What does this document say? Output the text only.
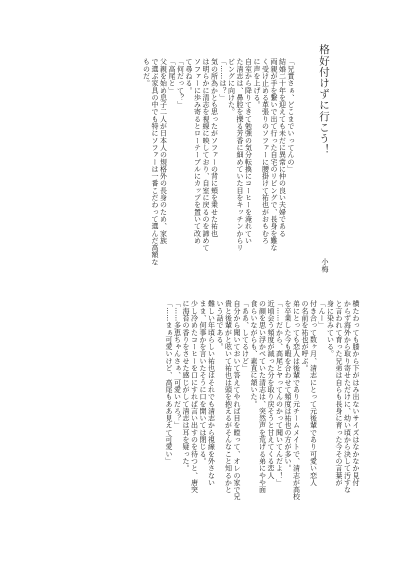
格好付けずに行こう！
小梅
「兄貴さぁ、どこまでいってんの」
結婚二十年を迎えても未だに異常に仲の良い夫婦である
両親が手を繋いで出て行った自宅のリビングで、長身を難な
く受け止める革張りのソファーに腰掛けて祐也がおもむろ
に声を上げる。
自室から降りてきて勉強の気分転換にコーヒーを淹れてい
た清志は、鼻腔を擽る芳香に細めていた目をキッチンからリ
ビングに向けた。
「……は？」
気の所為かとも思ったがソファーの背に頬を乗せた祐也
は明らかに清志を視線に映しており、自室に戻るのを諦めて
ソファーに歩み寄るとローテーブルにカップを置いて改め
て尋ねる。
「何だって？」
「高尾と」
父親を始め息子二人が日本人の規格外の長身のため、家族
で選ぶ家具の中でも特にソファーは一番こだわって選んだ高額な
ものだ。
横たわっても膝から下がはみ出ないサイズはなかなか見付
からず海外から取り寄せただけに、幼い頃から決して汚すな
と言われて育った兄弟は自らも長身に育った今その言葉が
身に染みている。
「んー」
付き合って数ヶ月、清志にとって元後輩であり可愛い恋人
の名前を祐也が呼ぶ。
弟にとっても恋人は後輩であり元チームメイトで、清志が高校
を卒業した今も暇を合わせて頻度は祐也の方が多い。
「……だから、高尾とヤってんのかって聞いてんだよ！」
近頃会う頻度が減った分を取り戻そうと甘えてくる恋人
の顔を思い浮かべていた清志は、突然声を荒げる弟にやや面
食らいながらも、素直に頷いた。
「ああ、してるけど」
自分から聞いておいて答えてやれば目を瞠って、オレの家で兄
貴と後輩がと呟いて祐也は頭を抱えるがそんなこと知るかと
いう話である。
難しい年頃らしい祐也はそれでも清志から視線を外さない
まま、何事かを言いたそうに口を開いては閉じる。
少し冷めたコーヒーを口にすれば言い出すのを待つと、唐突
に海苔の香りをさせた感じがして清志は耳を疑った。
「……多恵ちゃんさぁ、可愛いだろ？」
「……まぁ可愛いけど、高尾もああ見えて可愛い」
